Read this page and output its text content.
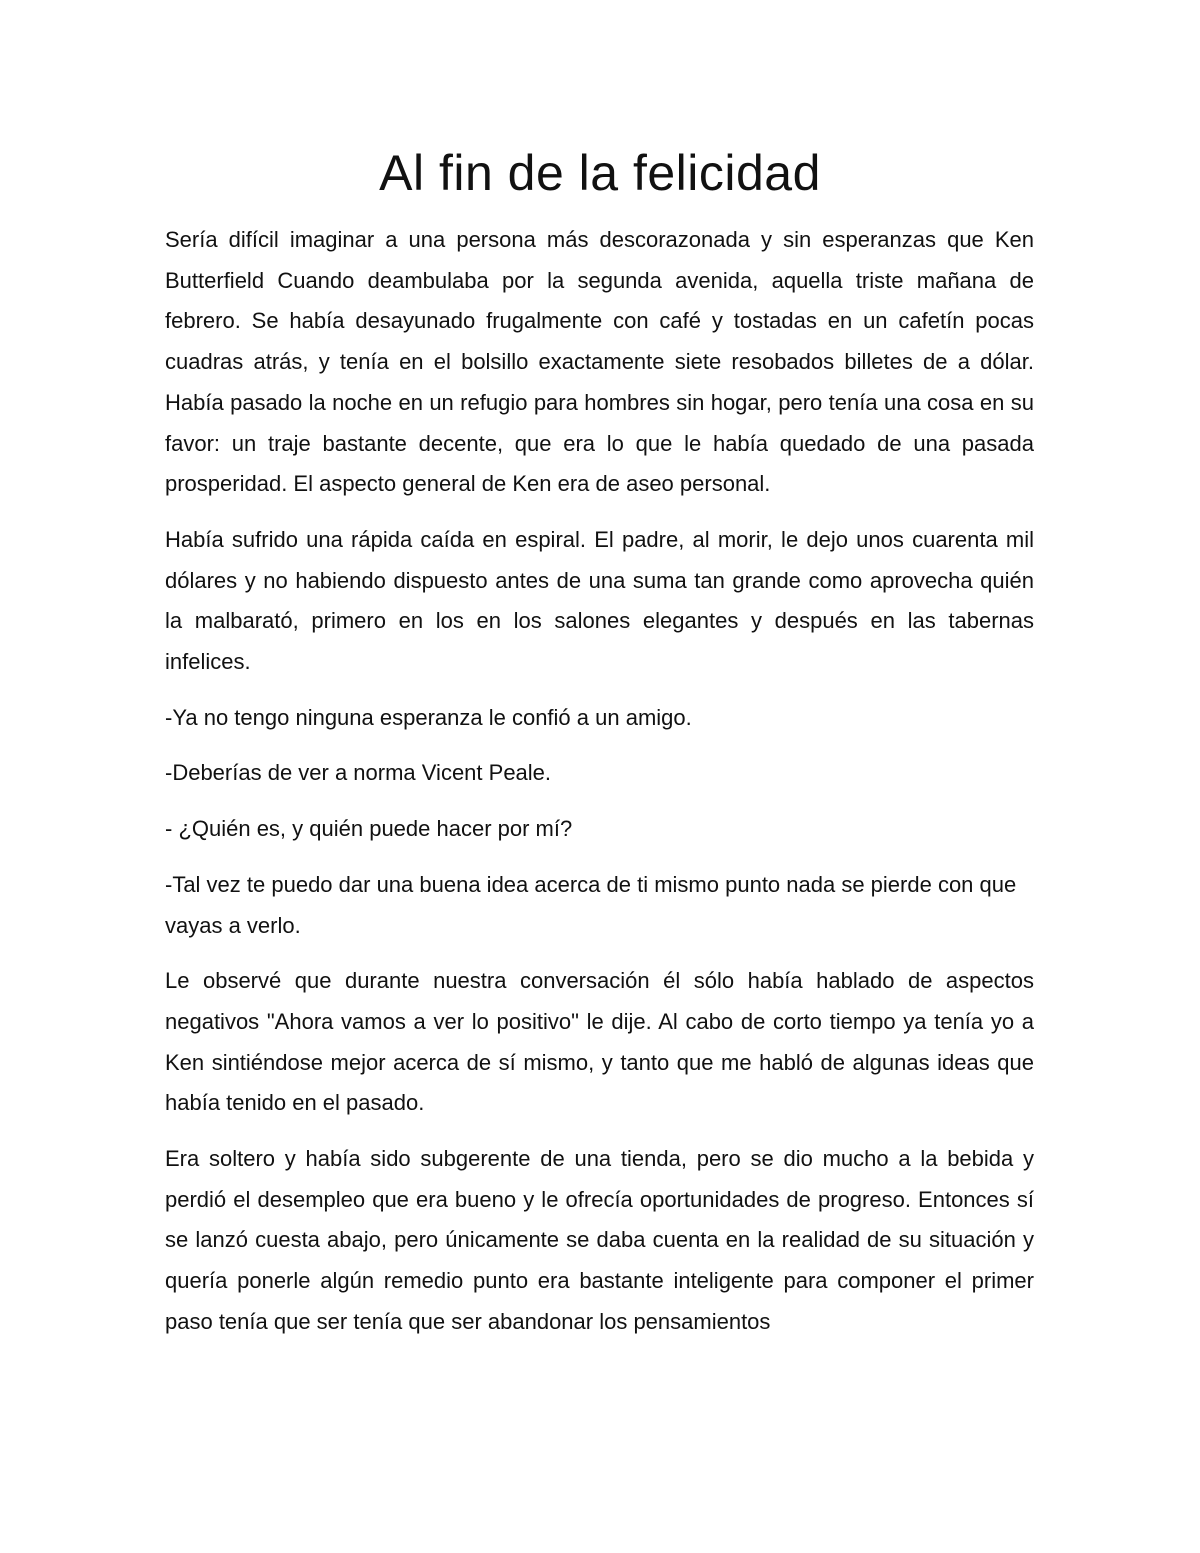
Al fin de la felicidad

Sería difícil imaginar a una persona más descorazonada y sin esperanzas que Ken Butterfield Cuando deambulaba por la segunda avenida, aquella triste mañana de febrero. Se había desayunado frugalmente con café y tostadas en un cafetín pocas cuadras atrás, y tenía en el bolsillo exactamente siete resobados billetes de a dólar. Había pasado la noche en un refugio para hombres sin hogar, pero tenía una cosa en su favor: un traje bastante decente, que era lo que le había quedado de una pasada prosperidad. El aspecto general de Ken era de aseo personal.

Había sufrido una rápida caída en espiral. El padre, al morir, le dejo unos cuarenta mil dólares y no habiendo dispuesto antes de una suma tan grande como aprovecha quién la malbarató, primero en los en los salones elegantes y después en las tabernas infelices.

-Ya no tengo ninguna esperanza le confió a un amigo.

-Deberías de ver a norma Vicent Peale.

- ¿Quién es, y quién puede hacer por mí?

-Tal vez te puedo dar una buena idea acerca de ti mismo punto nada se pierde con que vayas a verlo.

Le observé que durante nuestra conversación él sólo había hablado de aspectos negativos "Ahora vamos a ver lo positivo" le dije. Al cabo de corto tiempo ya tenía yo a Ken sintiéndose mejor acerca de sí mismo, y tanto que me habló de algunas ideas que había tenido en el pasado.

Era soltero y había sido subgerente de una tienda, pero se dio mucho a la bebida y perdió el desempleo que era bueno y le ofrecía oportunidades de progreso. Entonces sí se lanzó cuesta abajo, pero únicamente se daba cuenta en la realidad de su situación y quería ponerle algún remedio punto era bastante inteligente para componer el primer paso tenía que ser tenía que ser abandonar los pensamientos
